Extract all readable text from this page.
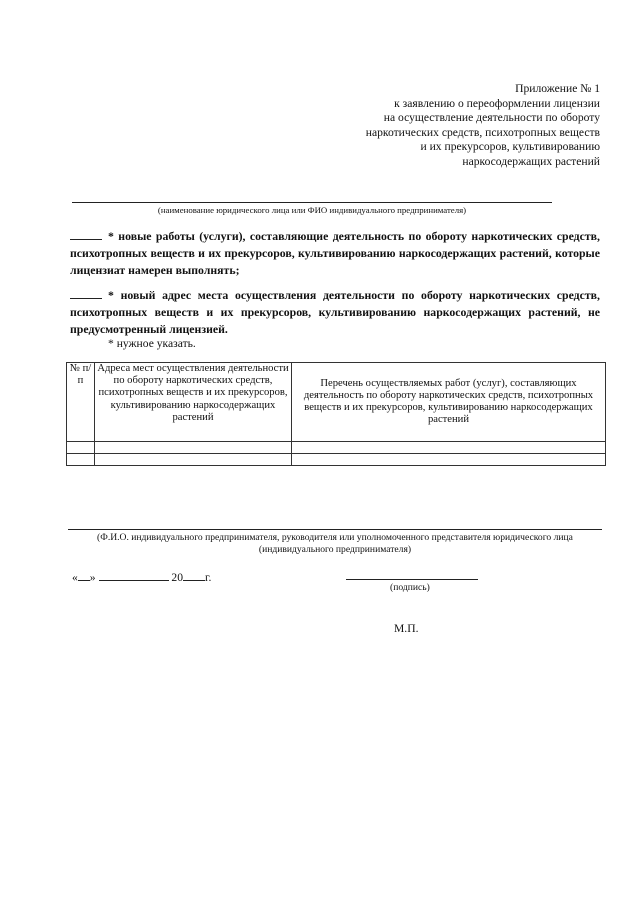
Приложение № 1
к заявлению о переоформлении лицензии
на осуществление деятельности по обороту
наркотических средств, психотропных веществ
и их прекурсоров, культивированию
наркосодержащих растений
(наименование юридического лица или ФИО индивидуального предпринимателя)
* новые работы (услуги), составляющие деятельность по обороту наркотических средств, психотропных веществ и их прекурсоров, культивированию наркосодержащих растений, которые лицензиат намерен выполнять;
* новый адрес места осуществления деятельности по обороту наркотических средств, психотропных веществ и их прекурсоров, культивированию наркосодержащих растений, не предусмотренный лицензией.
* нужное указать.
№ п/п	Адреса мест осуществления деятельности по обороту наркотических средств, психотропных веществ и их прекурсоров, культивированию наркосодержащих растений	Перечень осуществляемых работ (услуг), составляющих деятельность по обороту наркотических средств, психотропных веществ и их прекурсоров, культивированию наркосодержащих растений

(Ф.И.О. индивидуального предпринимателя, руководителя или уполномоченного представителя юридического лица
(индивидуального предпринимателя)
« »	20 г.
(подпись)
М.П.
